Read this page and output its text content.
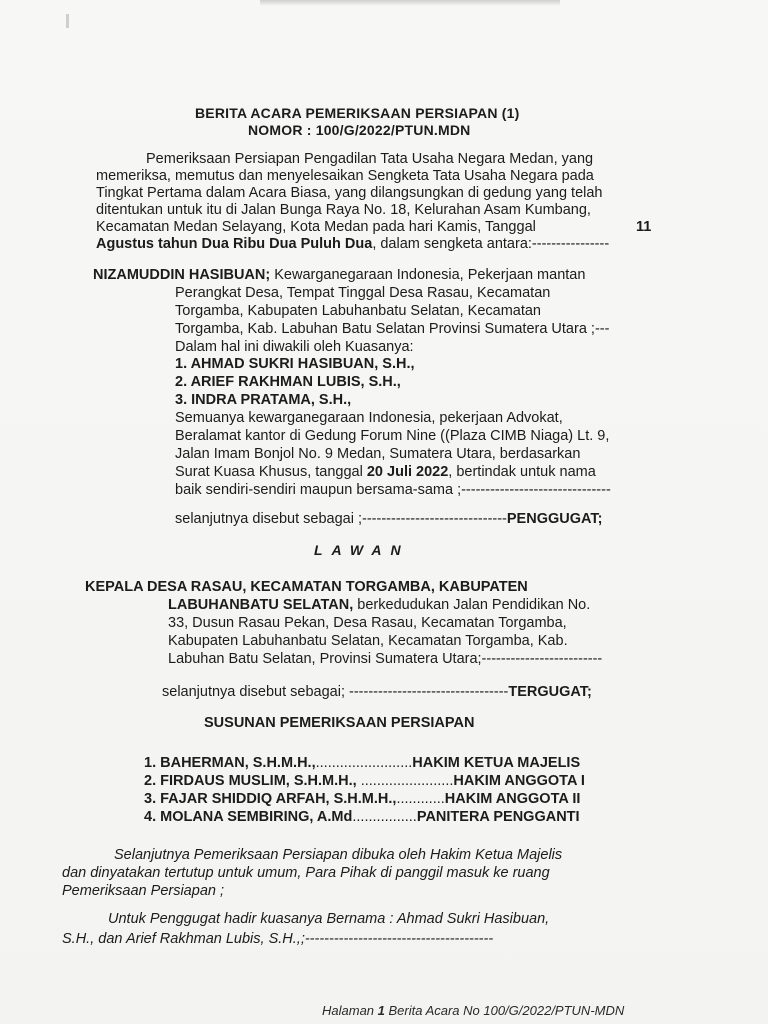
BERITA ACARA PEMERIKSAAN PERSIAPAN (1)
NOMOR : 100/G/2022/PTUN.MDN
Pemeriksaan Persiapan Pengadilan Tata Usaha Negara Medan, yang
memeriksa, memutus dan menyelesaikan Sengketa Tata Usaha Negara pada
Tingkat Pertama dalam Acara Biasa, yang dilangsungkan di gedung yang telah
ditentukan untuk itu di Jalan Bunga Raya No. 18, Kelurahan Asam Kumbang,
Kecamatan Medan Selayang, Kota Medan pada hari Kamis, Tanggal	11
Agustus tahun Dua Ribu Dua Puluh Dua, dalam sengketa antara:----------------
NIZAMUDDIN HASIBUAN; Kewarganegaraan Indonesia, Pekerjaan mantan
Perangkat Desa, Tempat Tinggal Desa Rasau, Kecamatan
Torgamba, Kabupaten Labuhanbatu Selatan, Kecamatan
Torgamba, Kab. Labuhan Batu Selatan Provinsi Sumatera Utara ;---
Dalam hal ini diwakili oleh Kuasanya:
1. AHMAD SUKRI HASIBUAN, S.H.,
2. ARIEF RAKHMAN LUBIS, S.H.,
3. INDRA PRATAMA, S.H.,
Semuanya kewarganegaraan Indonesia, pekerjaan Advokat,
Beralamat kantor di Gedung Forum Nine ((Plaza CIMB Niaga) Lt. 9,
Jalan Imam Bonjol No. 9 Medan, Sumatera Utara, berdasarkan
Surat Kuasa Khusus, tanggal 20 Juli 2022, bertindak untuk nama
baik sendiri-sendiri maupun bersama-sama ;-------------------------------
selanjutnya disebut sebagai ;------------------------------PENGGUGAT;
LAWAN
KEPALA DESA RASAU, KECAMATAN TORGAMBA, KABUPATEN
LABUHANBATU SELATAN, berkedudukan Jalan Pendidikan No.
33, Dusun Rasau Pekan, Desa Rasau, Kecamatan Torgamba,
Kabupaten Labuhanbatu Selatan, Kecamatan Torgamba, Kab.
Labuhan Batu Selatan, Provinsi Sumatera Utara;-------------------------
selanjutnya disebut sebagai; ---------------------------------TERGUGAT;
SUSUNAN PEMERIKSAAN PERSIAPAN
1. BAHERMAN, S.H.M.H.,........................HAKIM KETUA MAJELIS
2. FIRDAUS MUSLIM, S.H.M.H., .......................HAKIM ANGGOTA I
3. FAJAR SHIDDIQ ARFAH, S.H.M.H.,............HAKIM ANGGOTA II
4. MOLANA SEMBIRING, A.Md................PANITERA PENGGANTI
Selanjutnya Pemeriksaan Persiapan dibuka oleh Hakim Ketua Majelis
dan dinyatakan tertutup untuk umum, Para Pihak di panggil masuk ke ruang
Pemeriksaan Persiapan ;
Untuk Penggugat hadir kuasanya Bernama : Ahmad Sukri Hasibuan,
S.H., dan Arief Rakhman Lubis, S.H.,;---------------------------------------
Halaman 1 Berita Acara No 100/G/2022/PTUN-MDN
